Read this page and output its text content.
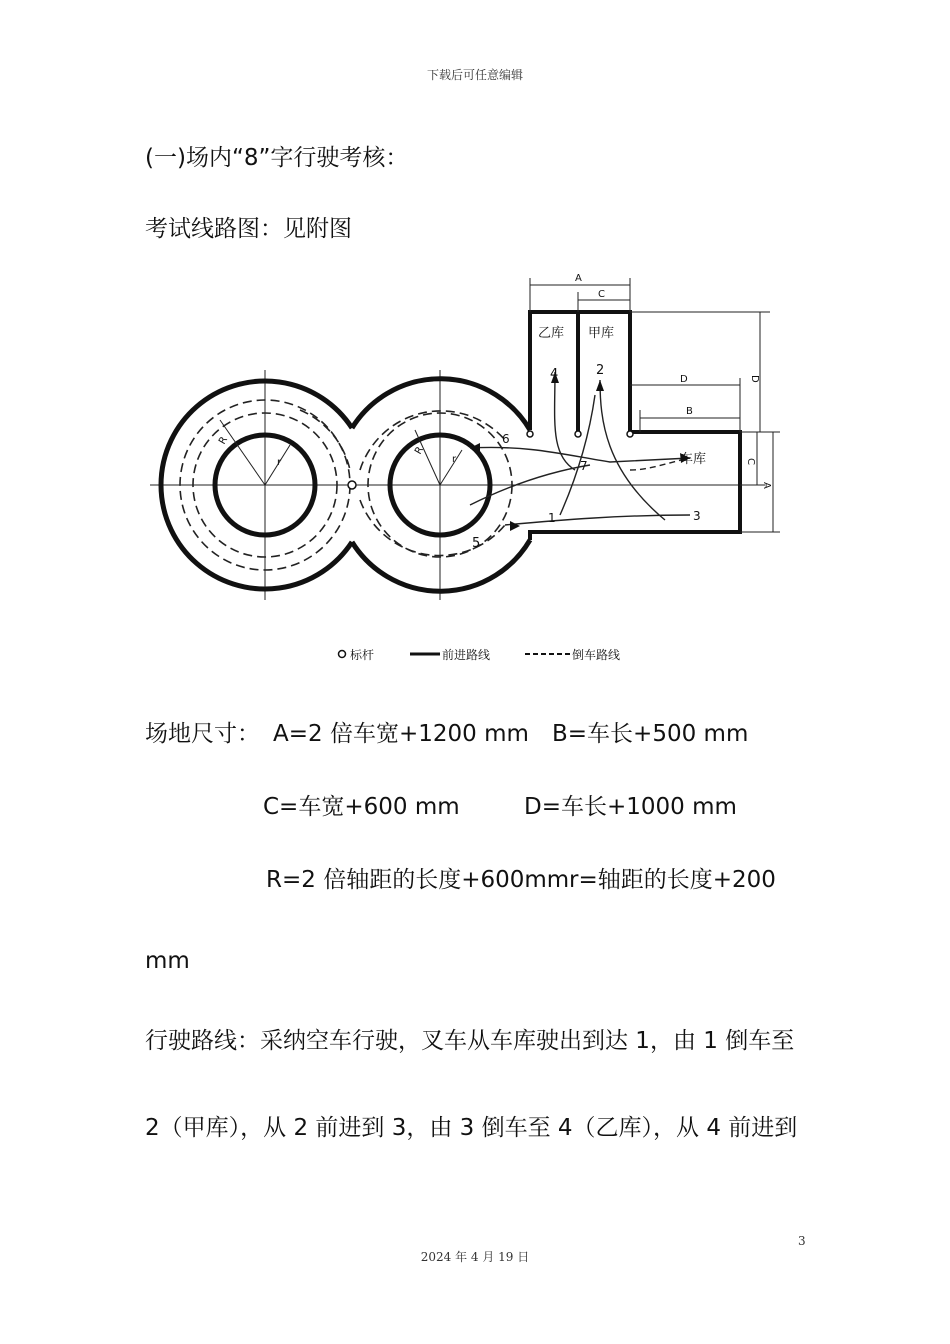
下载后可任意编辑
(一)场内“8”字行驶考核：
考试线路图：见附图
R
r
R
r
A
C
D
B
D
C
A
乙库 甲库
车库
4	2
6
7
1	3
5
标杆	前进路线	倒车路线
场地尺寸： A=2 倍车宽+1200 mm B=车长+500 mm
C=车宽+600 mm	D=车长+1000 mm
R=2 倍轴距的长度+600mm r=轴距的长度+200
mm
行驶路线：采纳空车行驶，叉车从车库驶出到达 1，由 1 倒车至
2（甲库），从 2 前进到 3，由 3 倒车至 4（乙库），从 4 前进到
3
2024 年 4 月 19 日
